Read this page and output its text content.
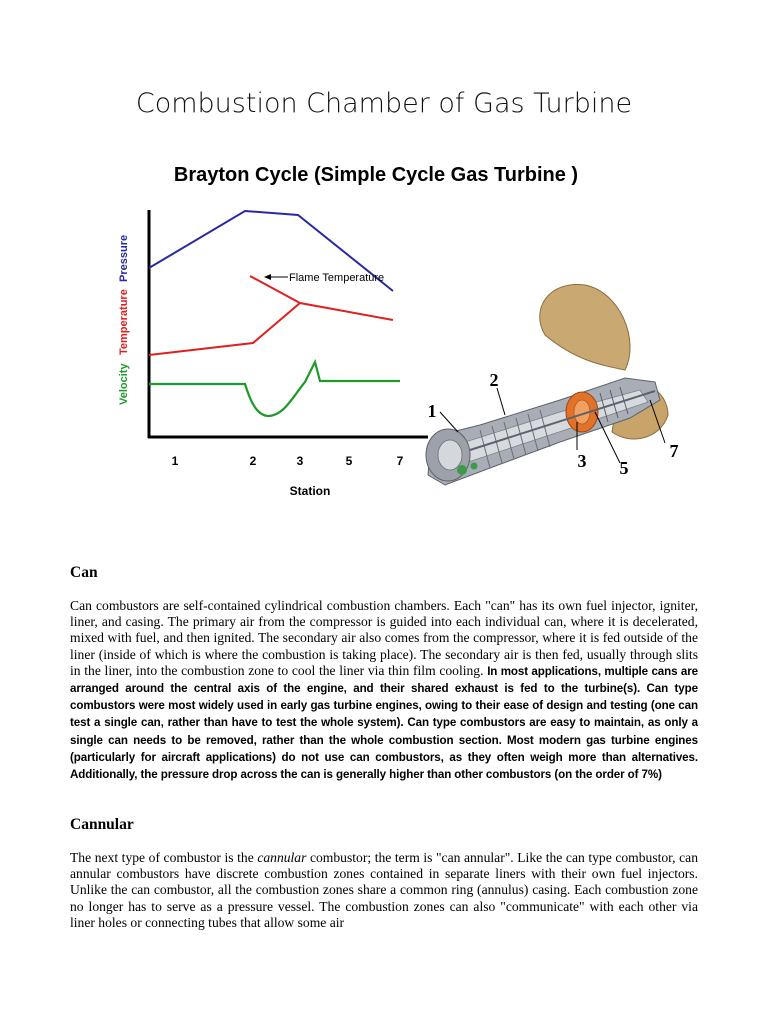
Combustion Chamber of Gas Turbine
Brayton Cycle (Simple Cycle Gas Turbine )
Velocity
Temperature
Pressure	Flame Temperature
1	2	3	5	7
Station
1
2
3 5
7
Can

Can combustors are self-contained cylindrical combustion chambers. Each "can" has its own fuel injector, igniter, liner, and casing. The primary air from the compressor is guided into each individual can, where it is decelerated, mixed with fuel, and then ignited. The secondary air also comes from the compressor, where it is fed outside of the liner (inside of which is where the combustion is taking place). The secondary air is then fed, usually through slits in the liner, into the combustion zone to cool the liner via thin film cooling. In most applications, multiple cans are arranged around the central axis of the engine, and their shared exhaust is fed to the turbine(s). Can type combustors were most widely used in early gas turbine engines, owing to their ease of design and testing (one can test a single can, rather than have to test the whole system). Can type combustors are easy to maintain, as only a single can needs to be removed, rather than the whole combustion section. Most modern gas turbine engines (particularly for aircraft applications) do not use can combustors, as they often weigh more than alternatives. Additionally, the pressure drop across the can is generally higher than other combustors (on the order of 7%)

Cannular

The next type of combustor is the cannular combustor; the term is "can annular". Like the can type combustor, can annular combustors have discrete combustion zones contained in separate liners with their own fuel injectors. Unlike the can combustor, all the combustion zones share a common ring (annulus) casing. Each combustion zone no longer has to serve as a pressure vessel. The combustion zones can also "communicate" with each other via liner holes or connecting tubes that allow some air
